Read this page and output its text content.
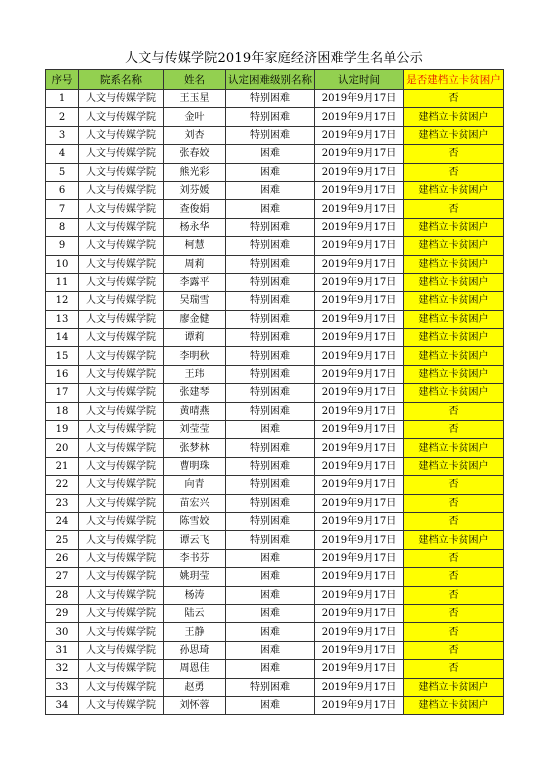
人文与传媒学院2019年家庭经济困难学生名单公示
序号	院系名称	姓名	认定困难级别名称	认定时间	是否建档立卡贫困户
1	人文与传媒学院	王玉星	特别困难	2019年9月17日	否
2	人文与传媒学院	金叶	特别困难	2019年9月17日	建档立卡贫困户
3	人文与传媒学院	刘杏	特别困难	2019年9月17日	建档立卡贫困户
4	人文与传媒学院	张春姣	困难	2019年9月17日	否
5	人文与传媒学院	熊光彩	困难	2019年9月17日	否
6	人文与传媒学院	刘芬媛	困难	2019年9月17日	建档立卡贫困户
7	人文与传媒学院	查俊娟	困难	2019年9月17日	否
8	人文与传媒学院	杨永华	特别困难	2019年9月17日	建档立卡贫困户
9	人文与传媒学院	柯慧	特别困难	2019年9月17日	建档立卡贫困户
10	人文与传媒学院	周莉	特别困难	2019年9月17日	建档立卡贫困户
11	人文与传媒学院	李露平	特别困难	2019年9月17日	建档立卡贫困户
12	人文与传媒学院	吴瑞雪	特别困难	2019年9月17日	建档立卡贫困户
13	人文与传媒学院	廖金健	特别困难	2019年9月17日	建档立卡贫困户
14	人文与传媒学院	谭莉	特别困难	2019年9月17日	建档立卡贫困户
15	人文与传媒学院	李明秋	特别困难	2019年9月17日	建档立卡贫困户
16	人文与传媒学院	王玮	特别困难	2019年9月17日	建档立卡贫困户
17	人文与传媒学院	张建琴	特别困难	2019年9月17日	建档立卡贫困户
18	人文与传媒学院	黄晴燕	特别困难	2019年9月17日	否
19	人文与传媒学院	刘莹莹	困难	2019年9月17日	否
20	人文与传媒学院	张梦林	特别困难	2019年9月17日	建档立卡贫困户
21	人文与传媒学院	曹明珠	特别困难	2019年9月17日	建档立卡贫困户
22	人文与传媒学院	向青	特别困难	2019年9月17日	否
23	人文与传媒学院	苗宏兴	特别困难	2019年9月17日	否
24	人文与传媒学院	陈雪姣	特别困难	2019年9月17日	否
25	人文与传媒学院	谭云飞	特别困难	2019年9月17日	建档立卡贫困户
26	人文与传媒学院	李书芬	困难	2019年9月17日	否
27	人文与传媒学院	姚玥莹	困难	2019年9月17日	否
28	人文与传媒学院	杨涛	困难	2019年9月17日	否
29	人文与传媒学院	陆云	困难	2019年9月17日	否
30	人文与传媒学院	王静	困难	2019年9月17日	否
31	人文与传媒学院	孙思琦	困难	2019年9月17日	否
32	人文与传媒学院	周恩佳	困难	2019年9月17日	否
33	人文与传媒学院	赵勇	特别困难	2019年9月17日	建档立卡贫困户
34	人文与传媒学院	刘怀蓉	困难	2019年9月17日	建档立卡贫困户
